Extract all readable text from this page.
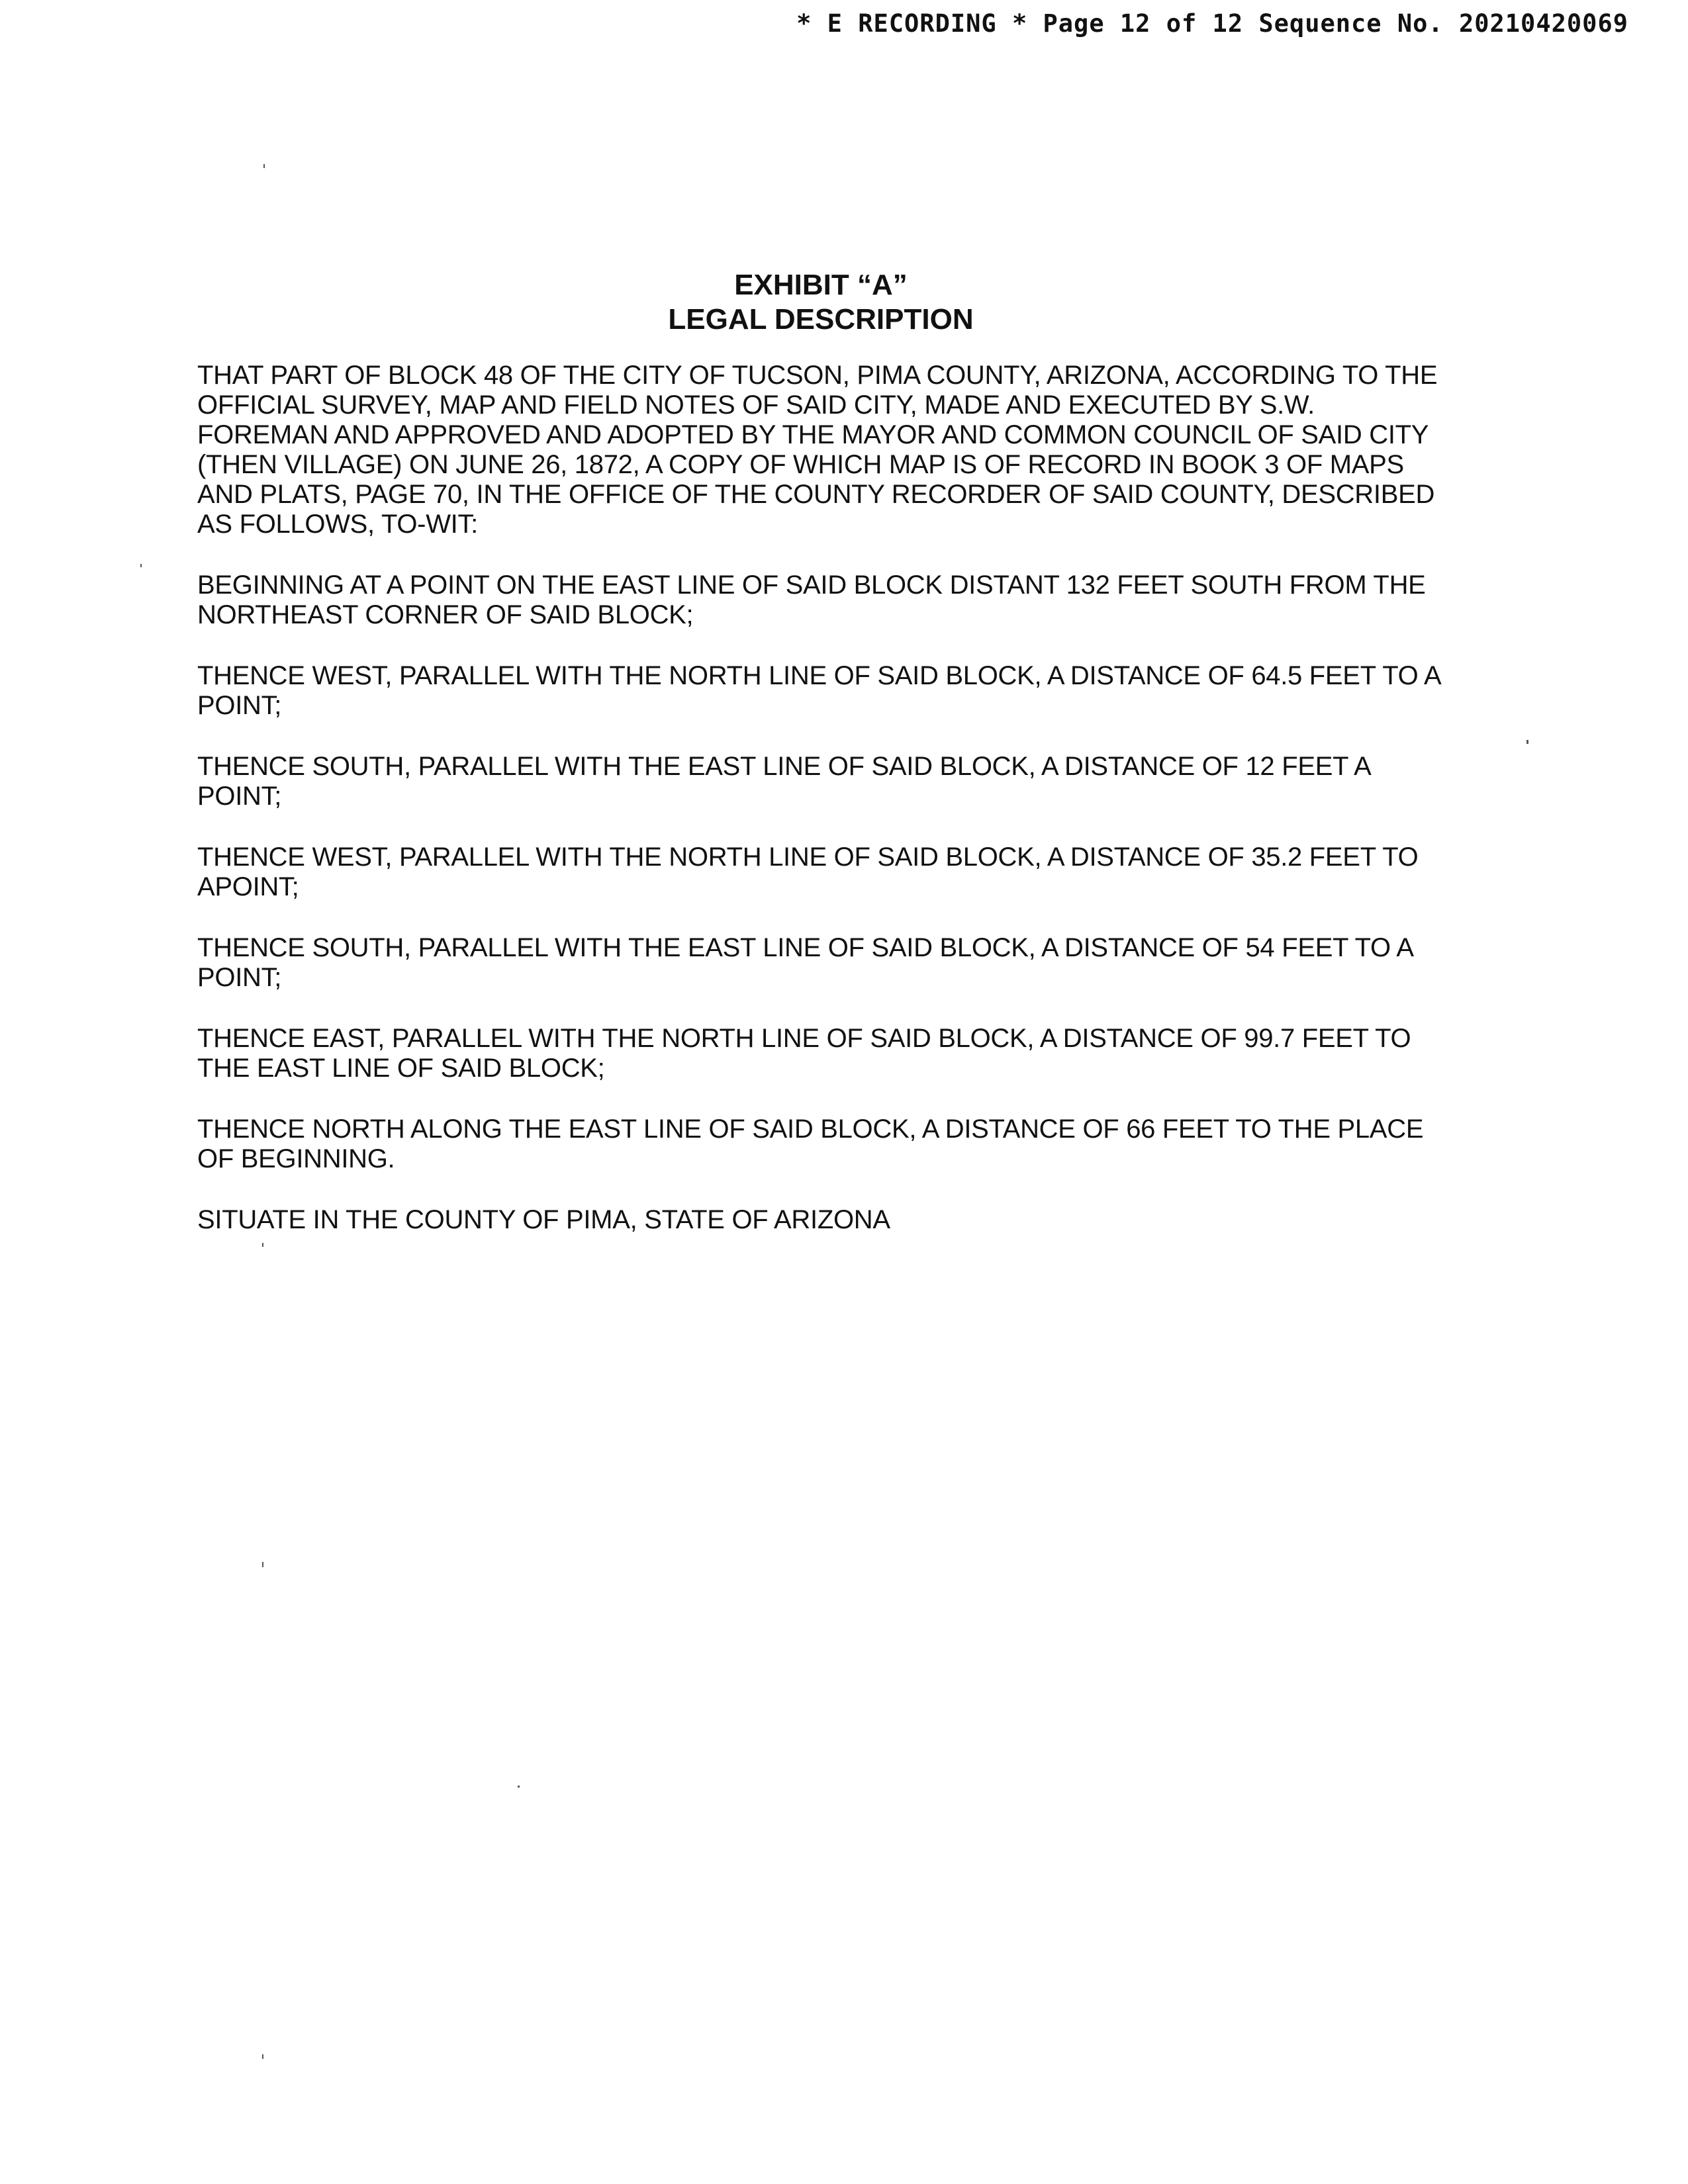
* E RECORDING * Page 12 of 12 Sequence No. 20210420069
EXHIBIT “A”
LEGAL DESCRIPTION

THAT PART OF BLOCK 48 OF THE CITY OF TUCSON, PIMA COUNTY, ARIZONA, ACCORDING TO THE OFFICIAL SURVEY, MAP AND FIELD NOTES OF SAID CITY, MADE AND EXECUTED BY S.W. FOREMAN AND APPROVED AND ADOPTED BY THE MAYOR AND COMMON COUNCIL OF SAID CITY (THEN VILLAGE) ON JUNE 26, 1872, A COPY OF WHICH MAP IS OF RECORD IN BOOK 3 OF MAPS AND PLATS, PAGE 70, IN THE OFFICE OF THE COUNTY RECORDER OF SAID COUNTY, DESCRIBED AS FOLLOWS, TO-WIT:

BEGINNING AT A POINT ON THE EAST LINE OF SAID BLOCK DISTANT 132 FEET SOUTH FROM THE NORTHEAST CORNER OF SAID BLOCK;

THENCE WEST, PARALLEL WITH THE NORTH LINE OF SAID BLOCK, A DISTANCE OF 64.5 FEET TO A POINT;

THENCE SOUTH, PARALLEL WITH THE EAST LINE OF SAID BLOCK, A DISTANCE OF 12 FEET A POINT;

THENCE WEST, PARALLEL WITH THE NORTH LINE OF SAID BLOCK, A DISTANCE OF 35.2 FEET TO APOINT;

THENCE SOUTH, PARALLEL WITH THE EAST LINE OF SAID BLOCK, A DISTANCE OF 54 FEET TO A POINT;

THENCE EAST, PARALLEL WITH THE NORTH LINE OF SAID BLOCK, A DISTANCE OF 99.7 FEET TO THE EAST LINE OF SAID BLOCK;

THENCE NORTH ALONG THE EAST LINE OF SAID BLOCK, A DISTANCE OF 66 FEET TO THE PLACE OF BEGINNING.

SITUATE IN THE COUNTY OF PIMA, STATE OF ARIZONA
